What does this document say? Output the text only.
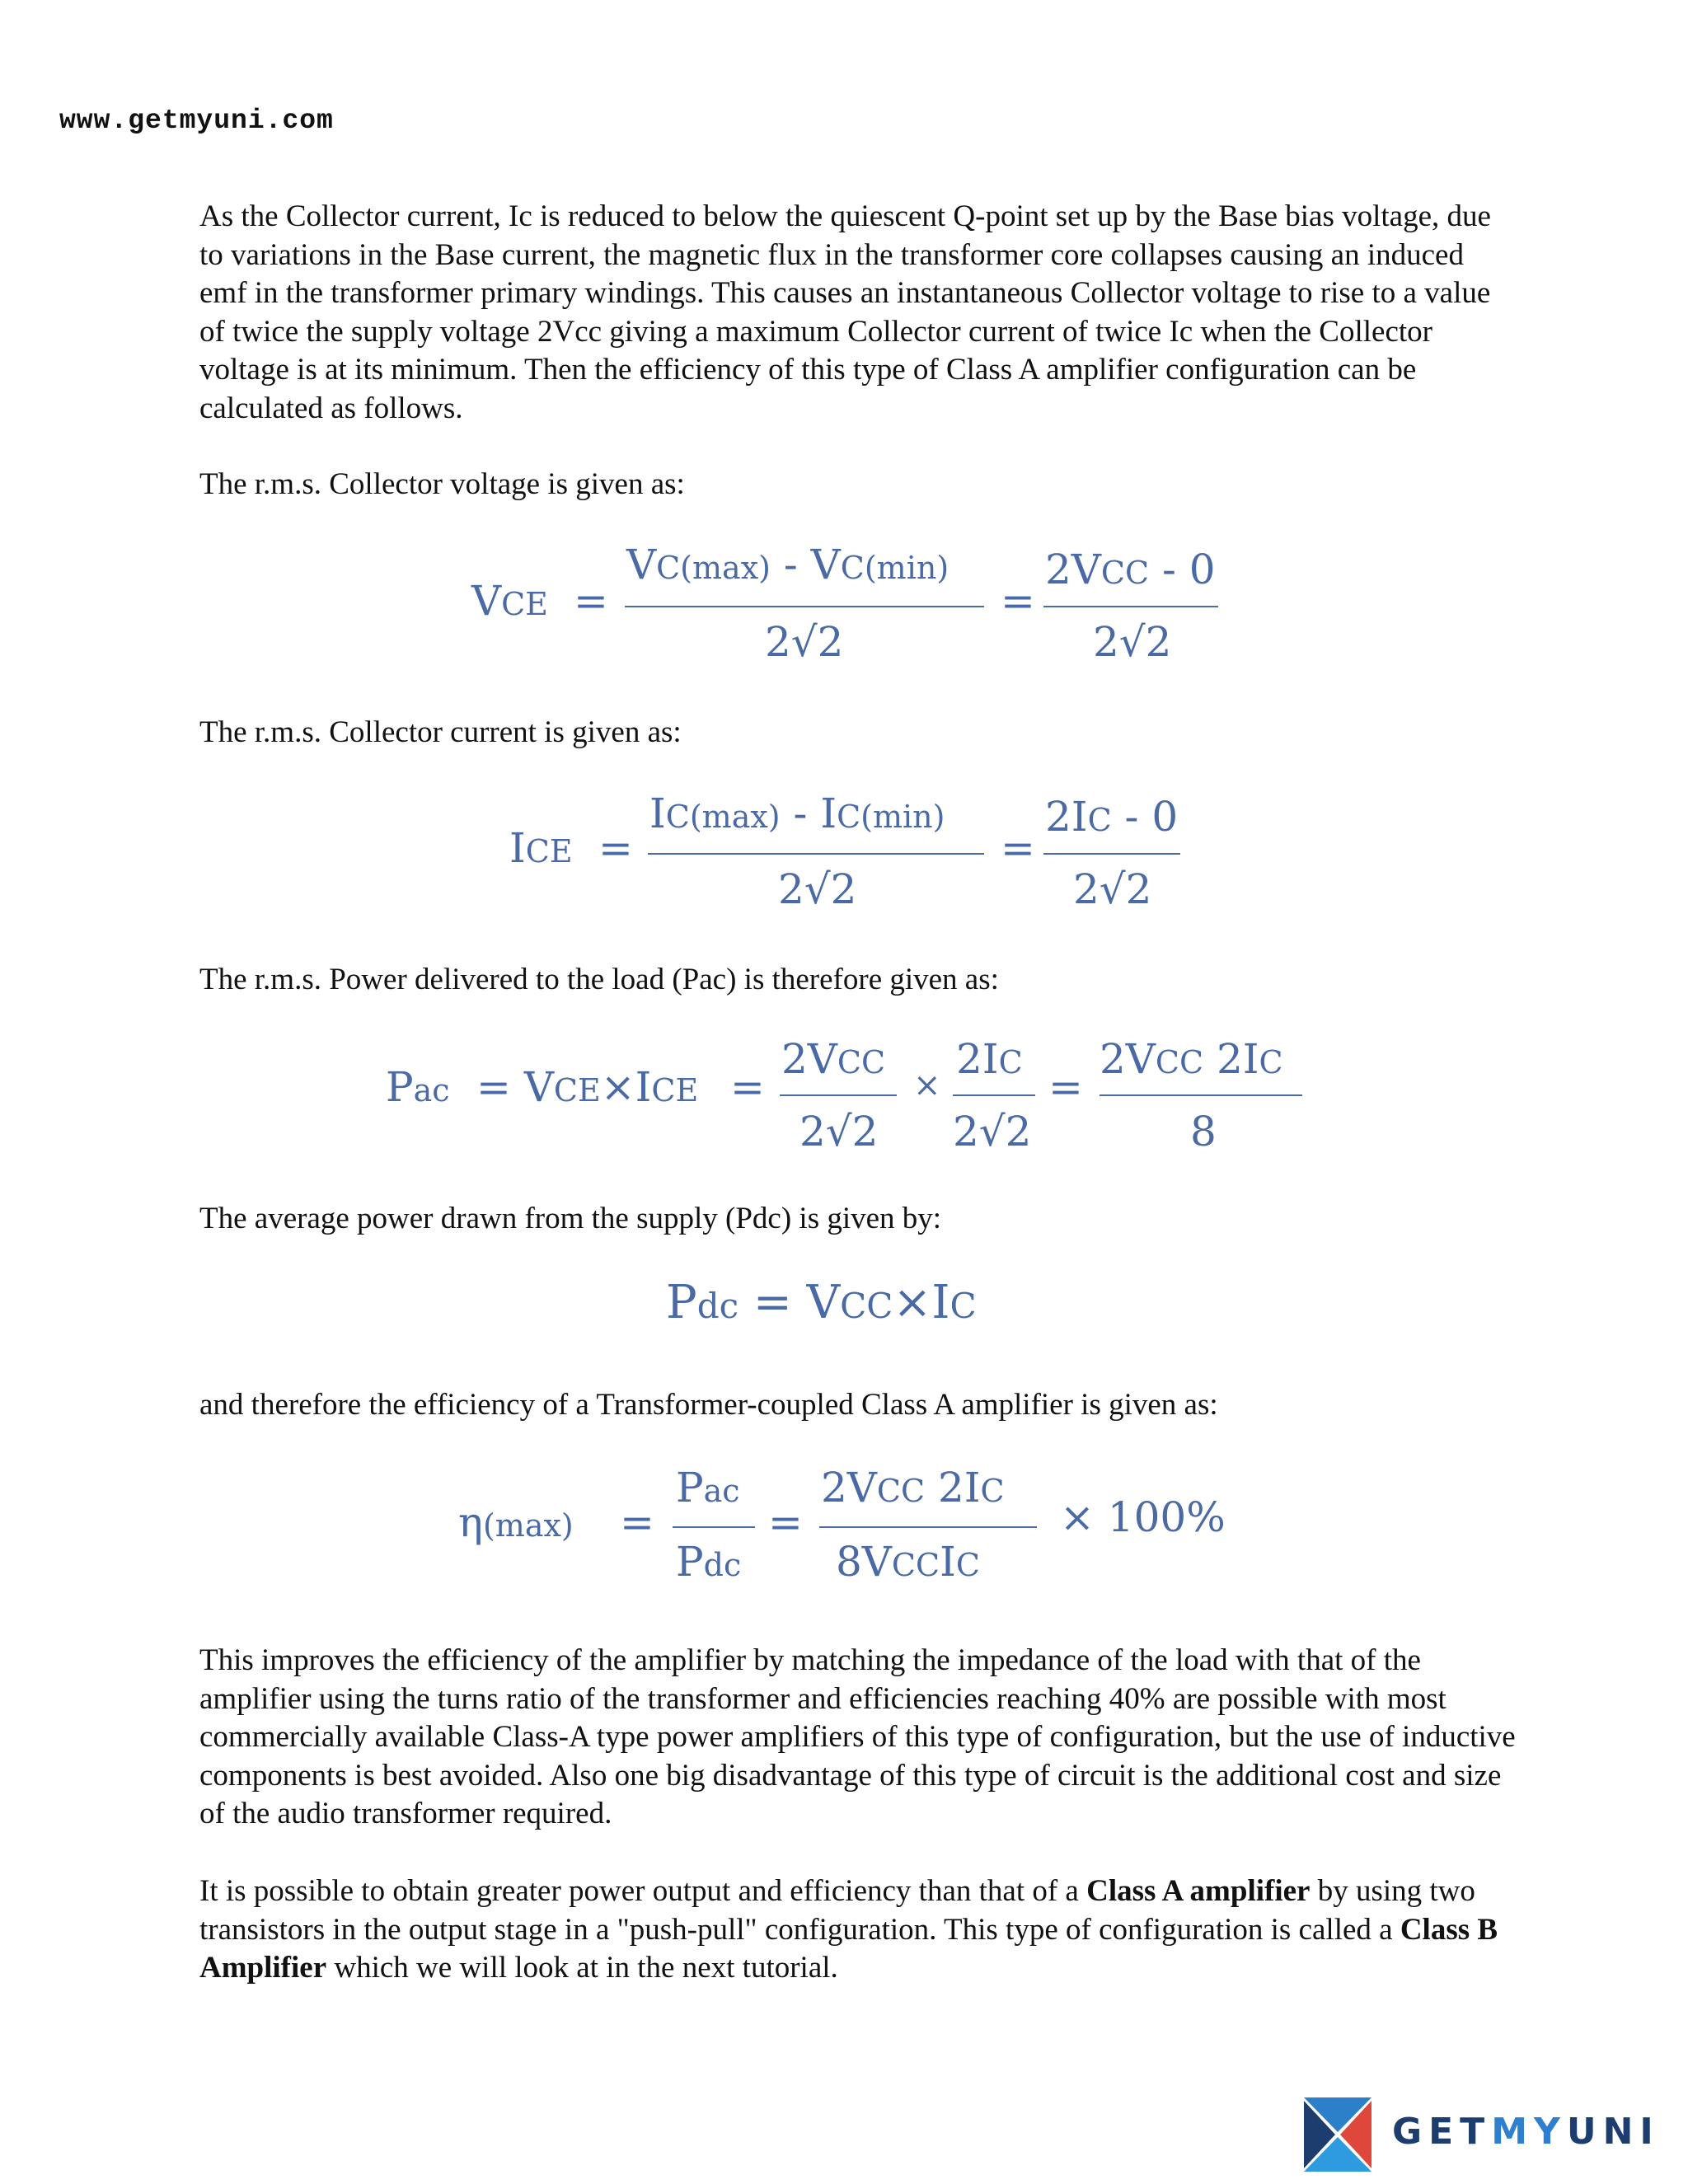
www.getmyuni.com

As the Collector current, Ic is reduced to below the quiescent Q-point set up by the Base bias voltage, due to variations in the Base current, the magnetic flux in the transformer core collapses causing an induced emf in the transformer primary windings. This causes an instantaneous Collector voltage to rise to a value of twice the supply voltage 2Vcc giving a maximum Collector current of twice Ic when the Collector voltage is at its minimum. Then the efficiency of this type of Class A amplifier configuration can be calculated as follows.

The r.m.s. Collector voltage is given as:

VCE =
VC(max) - VC(min)
2√2
=
2VCC - 0
2√2

The r.m.s. Collector current is given as:

ICE =
IC(max) - IC(min)
2√2
=
2IC - 0
2√2

The r.m.s. Power delivered to the load (Pac) is therefore given as:

Pac = VCE×ICE =
2VCC
2√2
×
2IC
2√2
=
2VCC 2IC
8

The average power drawn from the supply (Pdc) is given by:

Pdc = VCC×IC

and therefore the efficiency of a Transformer-coupled Class A amplifier is given as:

η(max) =
Pac
Pdc
=
2VCC 2IC
8VCCIC
× 100%

This improves the efficiency of the amplifier by matching the impedance of the load with that of the amplifier using the turns ratio of the transformer and efficiencies reaching 40% are possible with most commercially available Class-A type power amplifiers of this type of configuration, but the use of inductive components is best avoided. Also one big disadvantage of this type of circuit is the additional cost and size of the audio transformer required.

It is possible to obtain greater power output and efficiency than that of a Class A amplifier by using two transistors in the output stage in a "push-pull" configuration. This type of configuration is called a Class B Amplifier which we will look at in the next tutorial.

GETMYUNI
